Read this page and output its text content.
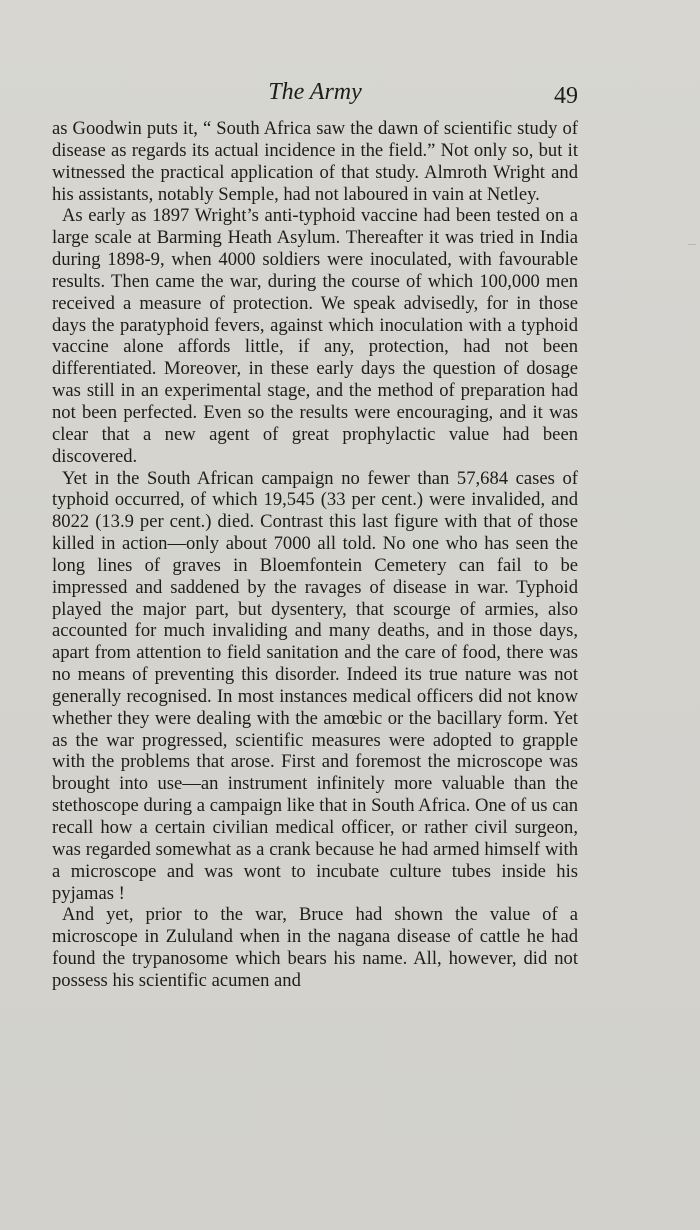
The Army	49

as Goodwin puts it, “ South Africa saw the dawn of scientific study of disease as regards its actual incidence in the field.” Not only so, but it witnessed the practical application of that study. Almroth Wright and his assistants, notably Semple, had not laboured in vain at Netley.

As early as 1897 Wright’s anti-typhoid vaccine had been tested on a large scale at Barming Heath Asylum. Thereafter it was tried in India during 1898-9, when 4000 soldiers were inoculated, with favourable results. Then came the war, during the course of which 100,000 men received a measure of protection. We speak advisedly, for in those days the paratyphoid fevers, against which inoculation with a typhoid vaccine alone affords little, if any, protection, had not been differentiated. Moreover, in these early days the question of dosage was still in an experimental stage, and the method of preparation had not been perfected. Even so the results were encouraging, and it was clear that a new agent of great prophylactic value had been discovered.

Yet in the South African campaign no fewer than 57,684 cases of typhoid occurred, of which 19,545 (33 per cent.) were invalided, and 8022 (13.9 per cent.) died. Contrast this last figure with that of those killed in action—only about 7000 all told. No one who has seen the long lines of graves in Bloemfontein Cemetery can fail to be impressed and saddened by the ravages of disease in war. Typhoid played the major part, but dysentery, that scourge of armies, also accounted for much invaliding and many deaths, and in those days, apart from attention to field sanitation and the care of food, there was no means of preventing this disorder. Indeed its true nature was not generally recognised. In most instances medical officers did not know whether they were dealing with the amœbic or the bacillary form. Yet as the war progressed, scientific measures were adopted to grapple with the problems that arose. First and foremost the microscope was brought into use—an instrument infinitely more valuable than the stethoscope during a campaign like that in South Africa. One of us can recall how a certain civilian medical officer, or rather civil surgeon, was regarded somewhat as a crank because he had armed himself with a microscope and was wont to incubate culture tubes inside his pyjamas !

And yet, prior to the war, Bruce had shown the value of a microscope in Zululand when in the nagana disease of cattle he had found the trypanosome which bears his name. All, however, did not possess his scientific acumen and
